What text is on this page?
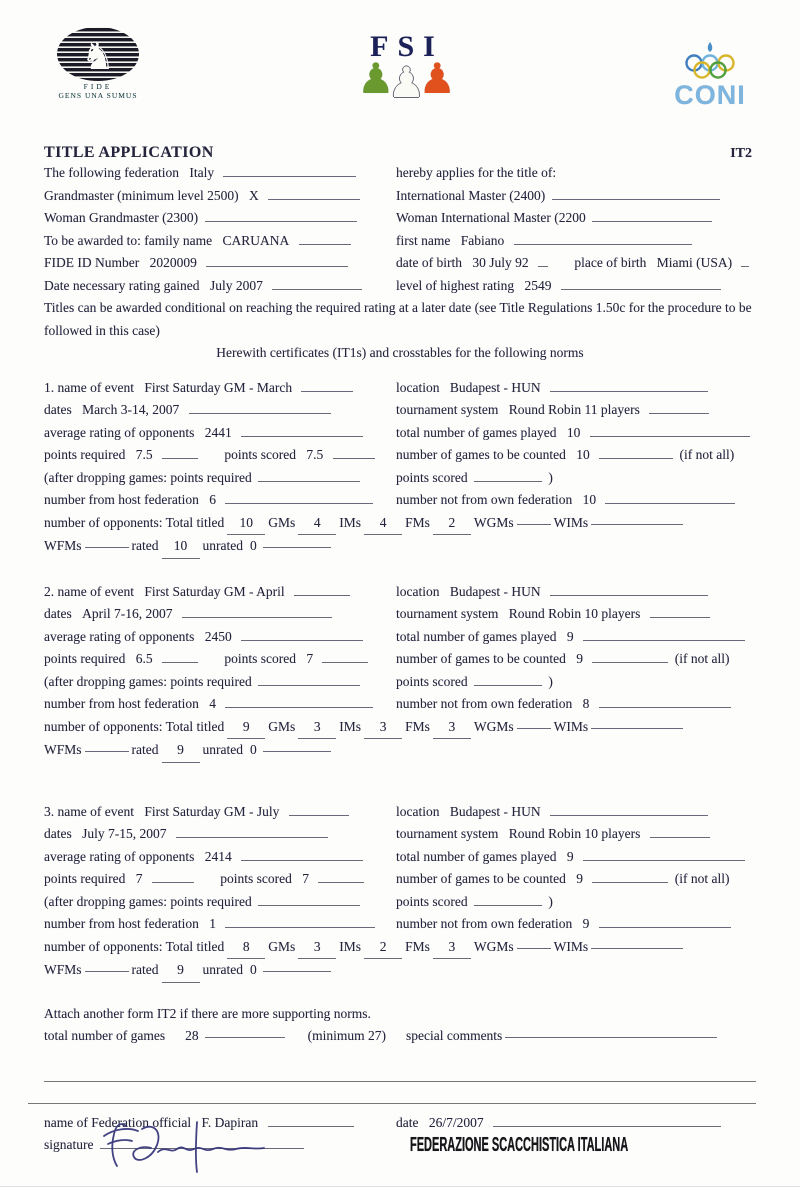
♞
FIDE
GENS UNA SUMUS
FSI
♟ ♟ ♟	CONI
TITLE APPLICATION	IT2
The following federation Italy	hereby applies for the title of:
Grandmaster (minimum level 2500) X	International Master (2400)
Woman Grandmaster (2300)	Woman International Master (2200
To be awarded to: family name CARUANA	first name Fabiano
FIDE ID Number 2020009	date of birth 30 July 92	place of birth Miami (USA)
Date necessary rating gained July 2007	level of highest rating 2549
Titles can be awarded conditional on reaching the required rating at a later date (see Title Regulations 1.50c for the procedure to be followed in this case)
Herewith certificates (IT1s) and crosstables for the following norms
1. name of event First Saturday GM - March	location Budapest - HUN
dates March 3-14, 2007	tournament system Round Robin 11 players
average rating of opponents 2441	total number of games played 10
points required 7.5	points scored 7.5	number of games to be counted 10	(if not all)
(after dropping games: points required	points scored	)
number from host federation 6	number not from own federation 10
number of opponents: Total titled	10	GMs	4	IMs	4	FMs	2	WGMs	WIMs
WFMs	rated	10	unrated 0
2. name of event First Saturday GM - April	location Budapest - HUN
dates April 7-16, 2007	tournament system Round Robin 10 players
average rating of opponents 2450	total number of games played 9
points required 6.5	points scored 7	number of games to be counted 9	(if not all)
(after dropping games: points required	points scored	)
number from host federation 4	number not from own federation 8
number of opponents: Total titled	9	GMs	3	IMs	3	FMs	3	WGMs	WIMs
WFMs	rated	9	unrated 0
3. name of event First Saturday GM - July	location Budapest - HUN
dates July 7-15, 2007	tournament system Round Robin 10 players
average rating of opponents 2414	total number of games played 9
points required 7	points scored 7	number of games to be counted 9	(if not all)
(after dropping games: points required	points scored	)
number from host federation 1	number not from own federation 9
number of opponents: Total titled	8	GMs	3	IMs	2	FMs	3	WGMs	WIMs
WFMs	rated	9	unrated 0
Attach another form IT2 if there are more supporting norms.
total number of games 28	(minimum 27) special comments
name of Federation official F. Dapiran	date 26/7/2007
signature	FEDERAZIONE SCACCHISTICA ITALIANA
